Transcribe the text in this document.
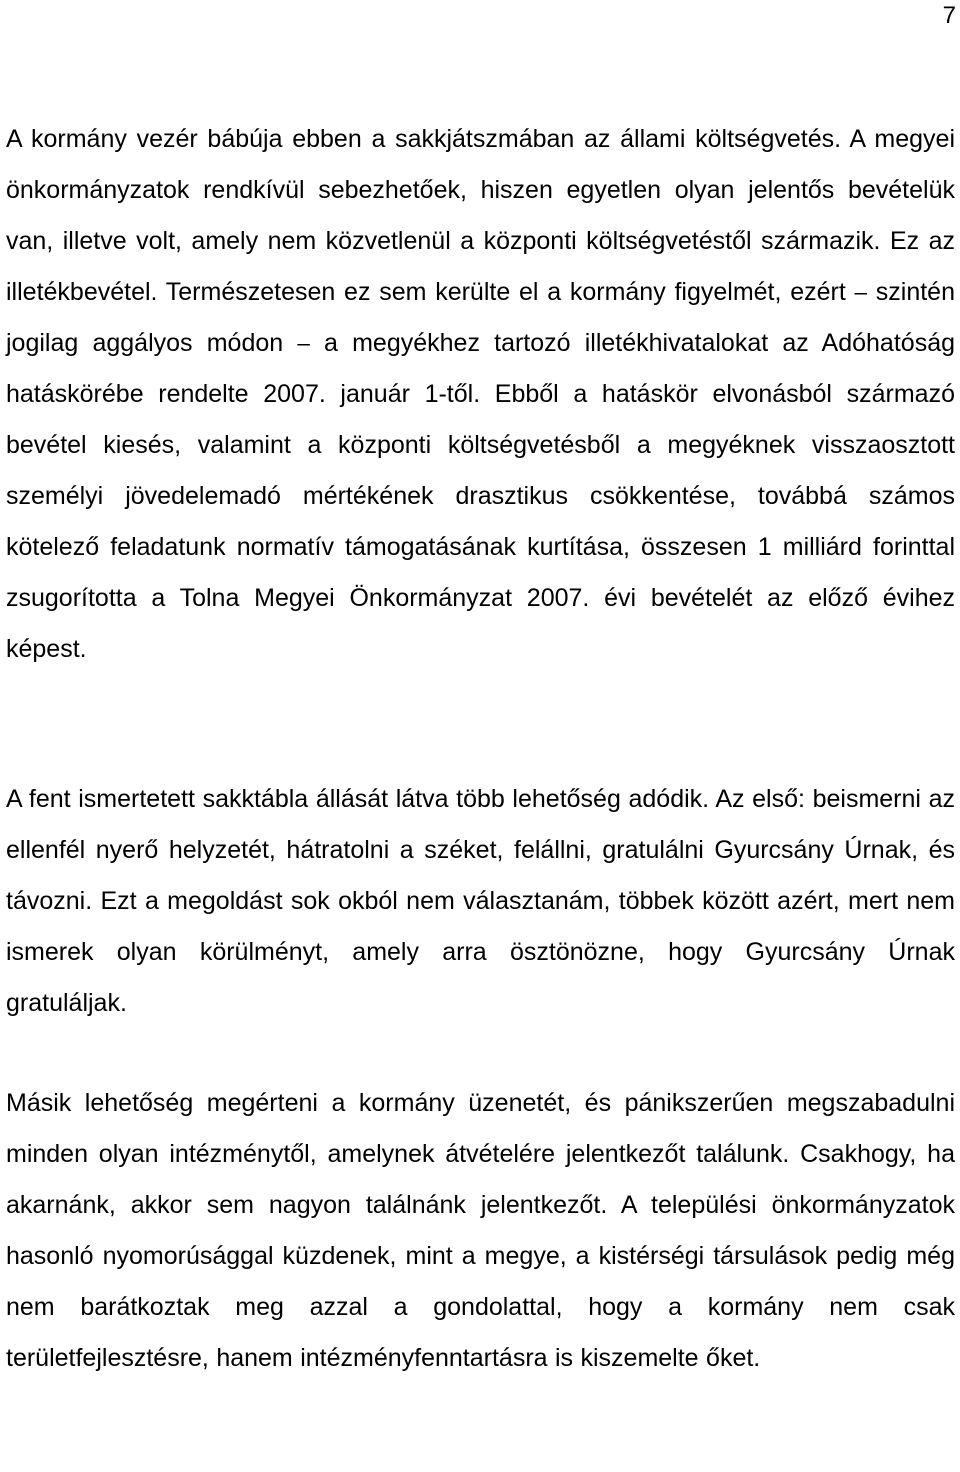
7

A kormány vezér bábúja ebben a sakkjátszmában az állami költségvetés. A megyei önkormányzatok rendkívül sebezhetőek, hiszen egyetlen olyan jelentős bevételük van, illetve volt, amely nem közvetlenül a központi költségvetéstől származik. Ez az illetékbevétel. Természetesen ez sem kerülte el a kormány figyelmét, ezért ⎯ szintén jogilag aggályos módon ⎯ a megyékhez tartozó illetékhivatalokat az Adóhatóság hatáskörébe rendelte 2007. január 1-től. Ebből a hatáskör elvonásból származó bevétel kiesés, valamint a központi költségvetésből a megyéknek visszaosztott személyi jövedelemadó mértékének drasztikus csökkentése, továbbá számos kötelező feladatunk normatív támogatásának kurtítása, összesen 1 milliárd forinttal zsugorította a Tolna Megyei Önkormányzat 2007. évi bevételét az előző évihez képest.

A fent ismertetett sakktábla állását látva több lehetőség adódik. Az első: beismerni az ellenfél nyerő helyzetét, hátratolni a széket, felállni, gratulálni Gyurcsány Úrnak, és távozni. Ezt a megoldást sok okból nem választanám, többek között azért, mert nem ismerek olyan körülményt, amely arra ösztönözne, hogy Gyurcsány Úrnak gratuláljak.

Másik lehetőség megérteni a kormány üzenetét, és pánikszerűen megszabadulni minden olyan intézménytől, amelynek átvételére jelentkezőt találunk. Csakhogy, ha akarnánk, akkor sem nagyon találnánk jelentkezőt. A települési önkormányzatok hasonló nyomorúsággal küzdenek, mint a megye, a kistérségi társulások pedig még nem barátkoztak meg azzal a gondolattal, hogy a kormány nem csak területfejlesztésre, hanem intézményfenntartásra is kiszemelte őket.
